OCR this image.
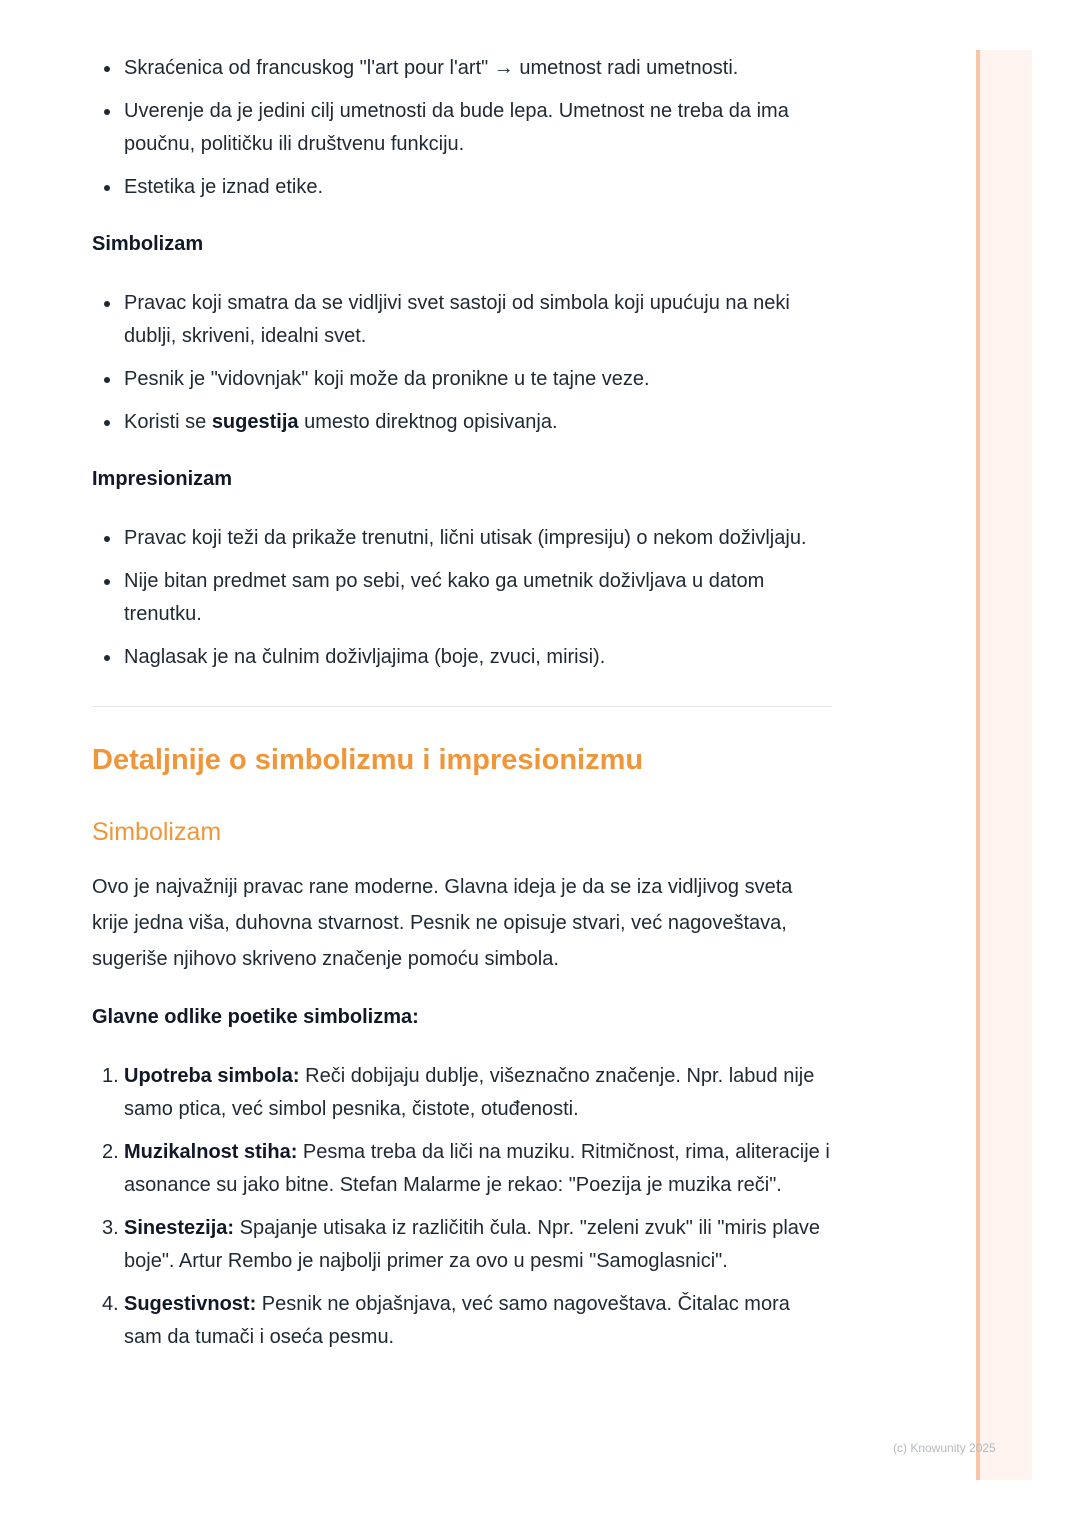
Skraćenica od francuskog "l'art pour l'art" → umetnost radi umetnosti.
Uverenje da je jedini cilj umetnosti da bude lepa. Umetnost ne treba da ima poučnu, političku ili društvenu funkciju.
Estetika je iznad etike.
Simbolizam
Pravac koji smatra da se vidljivi svet sastoji od simbola koji upućuju na neki dublji, skriveni, idealni svet.
Pesnik je "vidovnjak" koji može da pronikne u te tajne veze.
Koristi se sugestija umesto direktnog opisivanja.
Impresionizam
Pravac koji teži da prikaže trenutni, lični utisak (impresiju) o nekom doživljaju.
Nije bitan predmet sam po sebi, već kako ga umetnik doživljava u datom trenutku.
Naglasak je na čulnim doživljajima (boje, zvuci, mirisi).
Detaljnije o simbolizmu i impresionizmu
Simbolizam

Ovo je najvažniji pravac rane moderne. Glavna ideja je da se iza vidljivog sveta krije jedna viša, duhovna stvarnost. Pesnik ne opisuje stvari, već nagoveštava, sugeriše njihovo skriveno značenje pomoću simbola.

Glavne odlike poetike simbolizma:
1. Upotreba simbola: Reči dobijaju dublje, višeznačno značenje. Npr. labud nije samo ptica, već simbol pesnika, čistote, otuđenosti.
2. Muzikalnost stiha: Pesma treba da liči na muziku. Ritmičnost, rima, aliteracije i asonance su jako bitne. Stefan Malarme je rekao: "Poezija je muzika reči".
3. Sinestezija: Spajanje utisaka iz različitih čula. Npr. "zeleni zvuk" ili "miris plave boje". Artur Rembo je najbolji primer za ovo u pesmi "Samoglasnici".
4. Sugestivnost: Pesnik ne objašnjava, već samo nagoveštava. Čitalac mora sam da tumači i oseća pesmu.
(c) Knowunity 2025
